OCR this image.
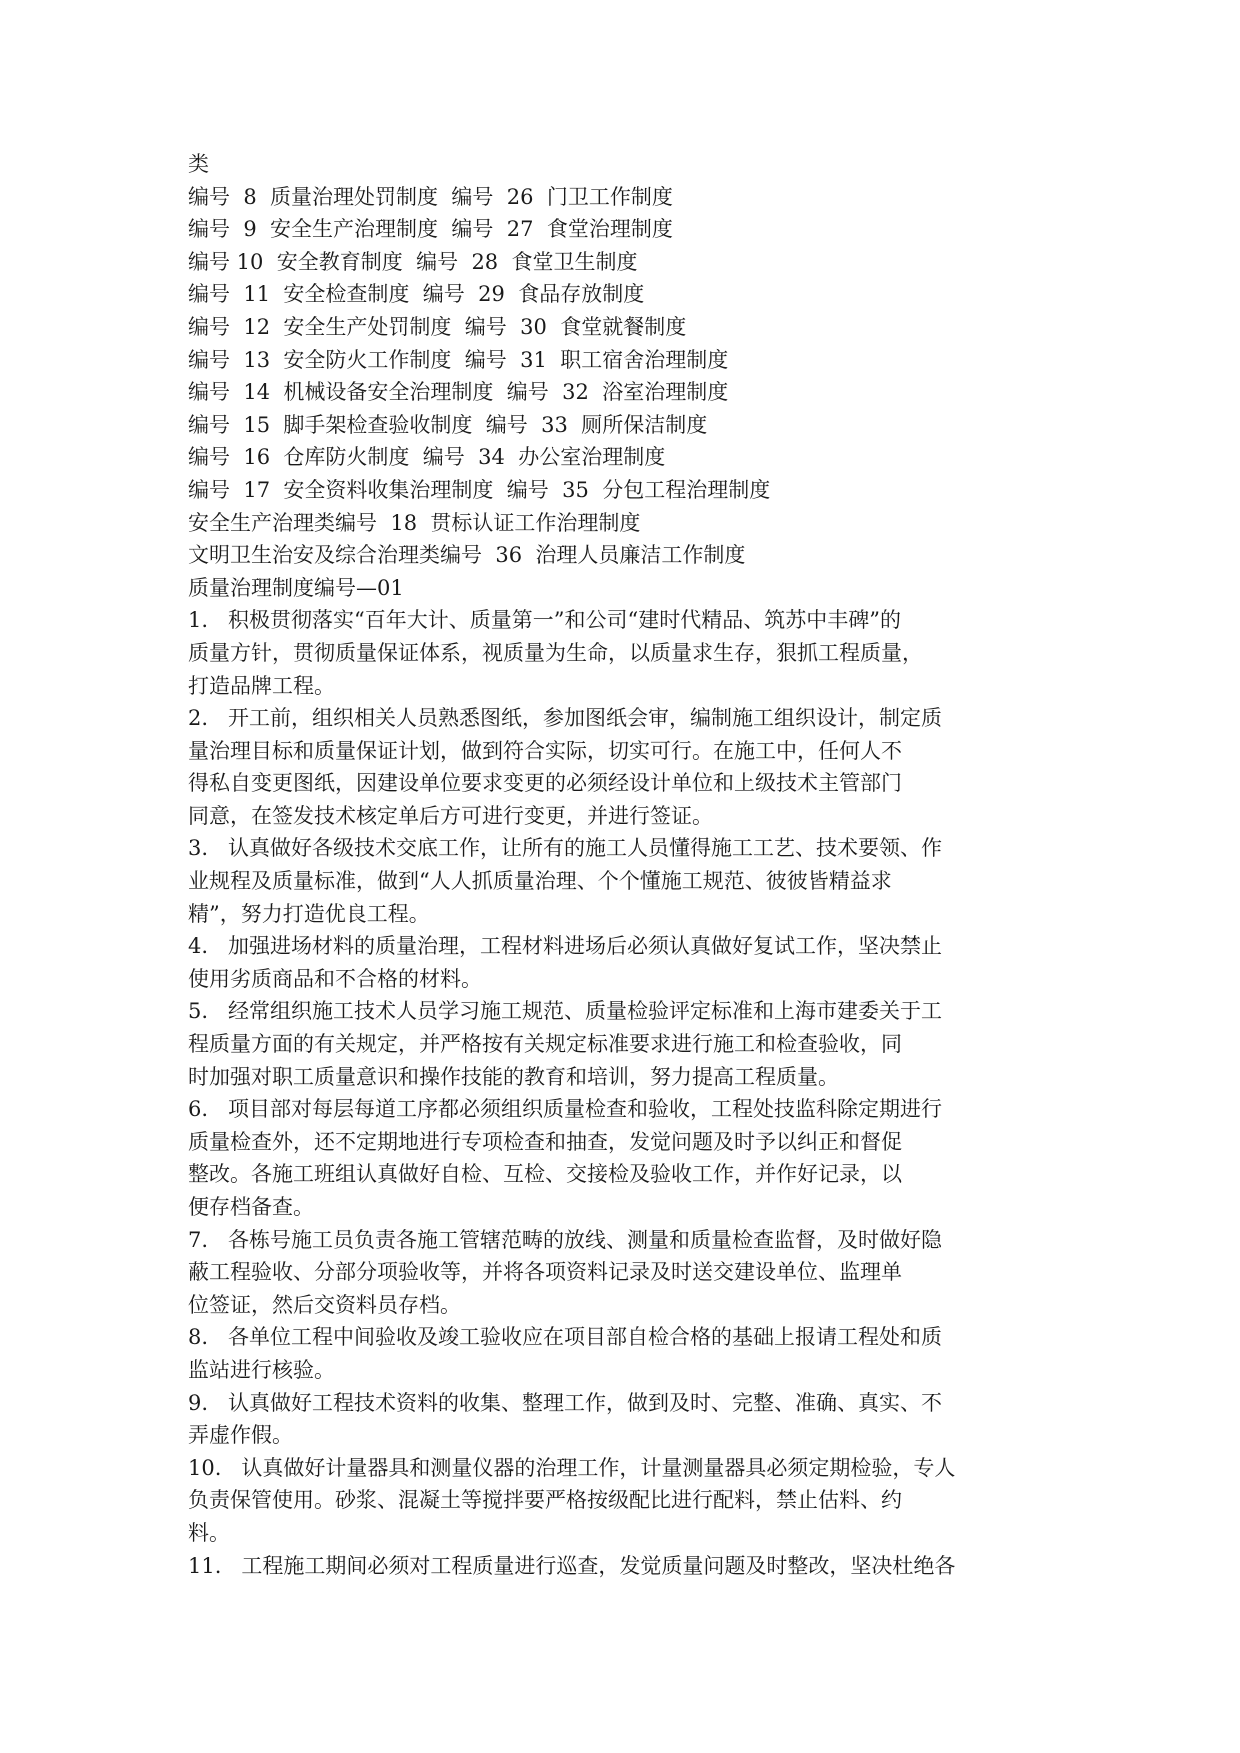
类
编号  8  质量治理处罚制度  编号  26  门卫工作制度
编号  9  安全生产治理制度  编号  27  食堂治理制度
编号 10  安全教育制度  编号  28  食堂卫生制度
编号  11  安全检查制度  编号  29  食品存放制度
编号  12  安全生产处罚制度  编号  30  食堂就餐制度
编号  13  安全防火工作制度  编号  31  职工宿舍治理制度
编号  14  机械设备安全治理制度  编号  32  浴室治理制度
编号  15  脚手架检查验收制度  编号  33  厕所保洁制度
编号  16  仓库防火制度  编号  34  办公室治理制度
编号  17  安全资料收集治理制度  编号  35  分包工程治理制度
安全生产治理类编号  18  贯标认证工作治理制度
文明卫生治安及综合治理类编号  36  治理人员廉洁工作制度
质量治理制度编号—01
1.   积极贯彻落实“百年大计、质量第一”和公司“建时代精品、筑苏中丰碑”的
质量方针，贯彻质量保证体系，视质量为生命，以质量求生存，狠抓工程质量，
打造品牌工程。
2.   开工前，组织相关人员熟悉图纸，参加图纸会审，编制施工组织设计，制定质
量治理目标和质量保证计划，做到符合实际，切实可行。在施工中，任何人不
得私自变更图纸，因建设单位要求变更的必须经设计单位和上级技术主管部门
同意，在签发技术核定单后方可进行变更，并进行签证。
3.   认真做好各级技术交底工作，让所有的施工人员懂得施工工艺、技术要领、作
业规程及质量标准，做到“人人抓质量治理、个个懂施工规范、彼彼皆精益求
精”，努力打造优良工程。
4.   加强进场材料的质量治理，工程材料进场后必须认真做好复试工作，坚决禁止
使用劣质商品和不合格的材料。
5.   经常组织施工技术人员学习施工规范、质量检验评定标准和上海市建委关于工
程质量方面的有关规定，并严格按有关规定标准要求进行施工和检查验收，同
时加强对职工质量意识和操作技能的教育和培训，努力提高工程质量。
6.   项目部对每层每道工序都必须组织质量检查和验收，工程处技监科除定期进行
质量检查外，还不定期地进行专项检查和抽查，发觉问题及时予以纠正和督促
整改。各施工班组认真做好自检、互检、交接检及验收工作，并作好记录，以
便存档备查。
7.   各栋号施工员负责各施工管辖范畴的放线、测量和质量检查监督，及时做好隐
蔽工程验收、分部分项验收等，并将各项资料记录及时送交建设单位、监理单
位签证，然后交资料员存档。
8.   各单位工程中间验收及竣工验收应在项目部自检合格的基础上报请工程处和质
监站进行核验。
9.   认真做好工程技术资料的收集、整理工作，做到及时、完整、准确、真实、不
弄虚作假。
10.   认真做好计量器具和测量仪器的治理工作，计量测量器具必须定期检验，专人
负责保管使用。砂浆、混凝土等搅拌要严格按级配比进行配料，禁止估料、约
料。
11.   工程施工期间必须对工程质量进行巡查，发觉质量问题及时整改，坚决杜绝各
